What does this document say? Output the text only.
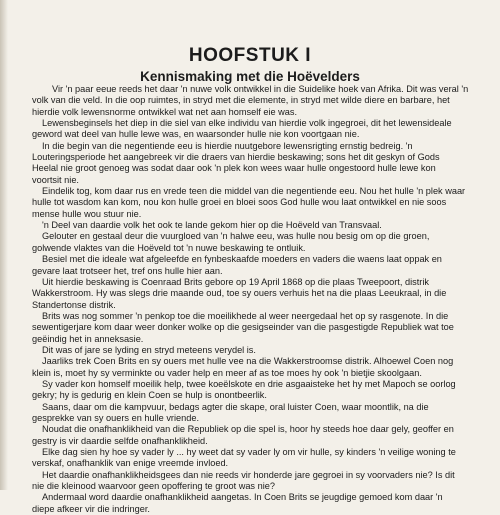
HOOFSTUK I
Kennismaking met die Hoëvelders
Vir 'n paar eeue reeds het daar 'n nuwe volk ontwikkel in die Suidelike hoek van Afrika. Dit was veral 'n
volk van die veld. In die oop ruimtes, in stryd met die elemente, in stryd met wilde diere en barbare, het
hierdie volk lewensnorme ontwikkel wat net aan homself eie was.
Lewensbeginsels het diep in die siel van elke individu van hierdie volk ingegroei, dit het lewensideale
geword wat deel van hulle lewe was, en waarsonder hulle nie kon voortgaan nie.
In die begin van die negentiende eeu is hierdie nuutgebore lewensrigting ernstig bedreig. 'n
Louteringsperiode het aangebreek vir die draers van hierdie beskawing; sons het dit geskyn of Gods
Heelal nie groot genoeg was sodat daar ook 'n plek kon wees waar hulle ongestoord hulle lewe kon
voortsit nie.
Eindelik tog, kom daar rus en vrede teen die middel van die negentiende eeu. Nou het hulle 'n plek waar
hulle tot wasdom kan kom, nou kon hulle groei en bloei soos God hulle wou laat ontwikkel en nie soos
mense hulle wou stuur nie.
'n Deel van daardie volk het ook te lande gekom hier op die Hoëveld van Transvaal.
Gelouter en gestaal deur die vuurgloed van 'n halwe eeu, was hulle nou besig om op die groen,
golwende vlaktes van die Hoëveld tot 'n nuwe beskawing te ontluik.
Besiel met die ideale wat afgeleefde en fynbeskaafde moeders en vaders die waens laat oppak en
gevare laat trotseer het, tref ons hulle hier aan.
Uit hierdie beskawing is Coenraad Brits gebore op 19 April 1868 op die plaas Tweepoort, distrik
Wakkerstroom. Hy was slegs drie maande oud, toe sy ouers verhuis het na die plaas Leeukraal, in die
Standertonse distrik.
Brits was nog sommer 'n penkop toe die moeilikhede al weer neergedaal het op sy rasgenote. In die
sewentigerjare kom daar weer donker wolke op die gesigseinder van die pasgestigde Republiek wat toe
geëindig het in anneksasie.
Dit was of jare se lyding en stryd meteens verydel is.
Jaarliks trek Coen Brits en sy ouers met hulle vee na die Wakkerstroomse distrik. Alhoewel Coen nog
klein is, moet hy sy verminkte ou vader help en meer af as toe moes hy ook 'n bietjie skoolgaan.
Sy vader kon homself moeilik help, twee koeëlskote en drie asgaaisteke het hy met Mapoch se oorlog
gekry; hy is gedurig en klein Coen se hulp is onontbeerlik.
Saans, daar om die kampvuur, bedags agter die skape, oral luister Coen, waar moontlik, na die
gesprekke van sy ouers en hulle vriende.
Noudat die onafhanklikheid van die Republiek op die spel is, hoor hy steeds hoe daar gely, geoffer en
gestry is vir daardie selfde onafhanklikheid.
Elke dag sien hy hoe sy vader ly ... hy weet dat sy vader ly om vir hulle, sy kinders 'n veilige woning te
verskaf, onafhanklik van enige vreemde invloed.
Het daardie onafhanklikheidsgees dan nie reeds vir honderde jare gegroei in sy voorvaders nie? Is dit
nie die kleinood waarvoor geen opoffering te groot was nie?
Andermaal word daardie onafhanklikheid aangetas. In Coen Brits se jeugdige gemoed kom daar 'n
diepe afkeer vir die indringer.
